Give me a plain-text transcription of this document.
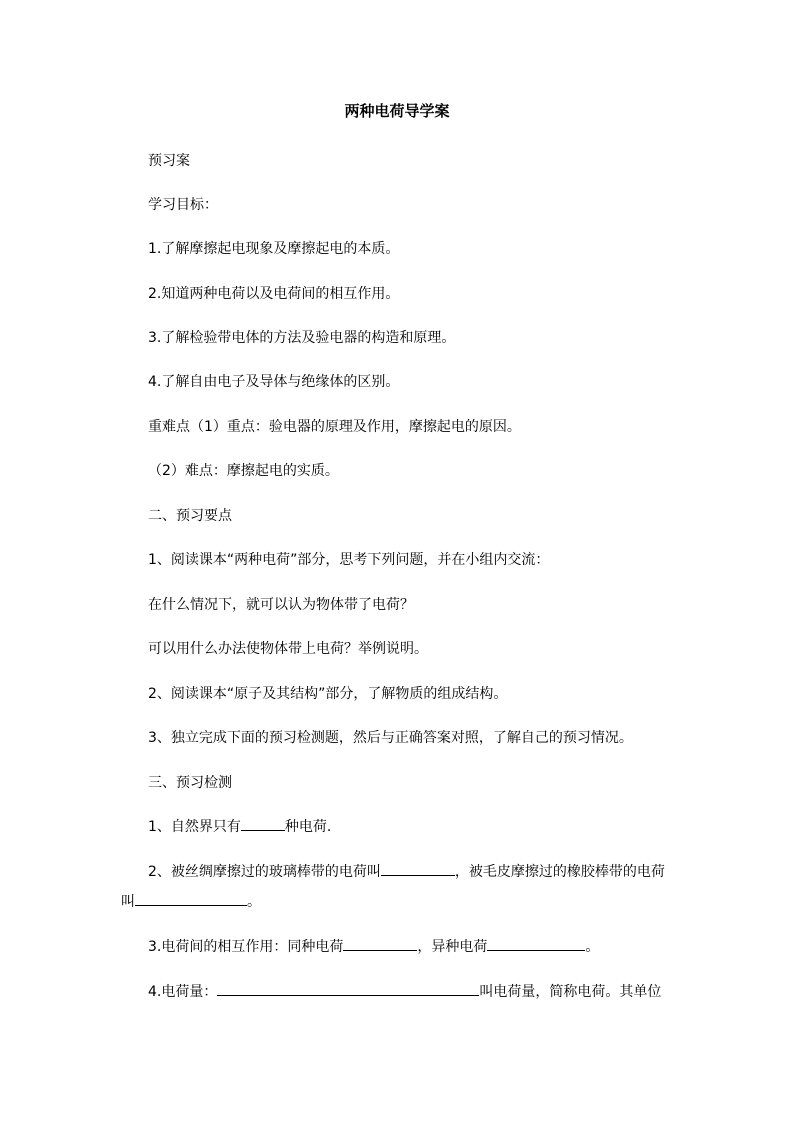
两种电荷导学案
预习案
学习目标：
1.了解摩擦起电现象及摩擦起电的本质。
2.知道两种电荷以及电荷间的相互作用。
3.了解检验带电体的方法及验电器的构造和原理。
4.了解自由电子及导体与绝缘体的区别。
重难点（1）重点：验电器的原理及作用，摩擦起电的原因。
（2）难点：摩擦起电的实质。
二、预习要点
1、阅读课本“两种电荷”部分，思考下列问题，并在小组内交流：
在什么情况下，就可以认为物体带了电荷？
可以用什么办法使物体带上电荷？举例说明。
2、阅读课本“原子及其结构”部分，了解物质的组成结构。
3、独立完成下面的预习检测题，然后与正确答案对照，了解自己的预习情况。
三、预习检测
1、自然界只有	种电荷.
2、被丝绸摩擦过的玻璃棒带的电荷叫	，被毛皮摩擦过的橡胶棒带的电荷
叫	。
3.电荷间的相互作用：同种电荷	，异种电荷	。
4.电荷量：	叫电荷量，简称电荷。其单位
